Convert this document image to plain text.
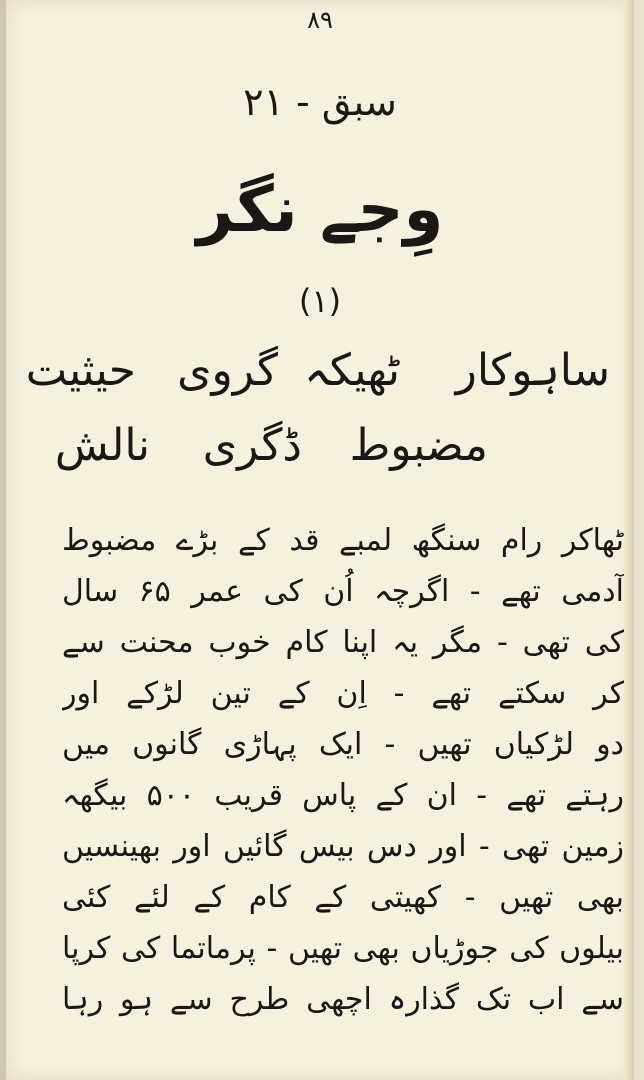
۸۹
سبق - ۲۱
وِجے نگر
(۱)
حیثیت گروی ٹھیکہ ساہوکار
نالش ڈگری مضبوط
ٹھاکر رام سنگھ لمبے قد کے بڑے مضبوط
آدمی تھے - اگرچہ اُن کی عمر ۶۵ سال
کی تھی - مگر یہ اپنا کام خوب محنت سے
کر سکتے تھے - اِن کے تین لڑکے اور
دو لڑکیاں تھیں - ایک پہاڑی گانوں میں
رہتے تھے - ان کے پاس قریب ۵۰۰ بیگھہ
زمین تھی - اور دس بیس گائیں اور بھینسیں
بھی تھیں - کھیتی کے کام کے لئے کئی
بیلوں کی جوڑیاں بھی تھیں - پرماتما کی کرپا
سے اب تک گذارہ اچھی طرح سے ہو رہا
